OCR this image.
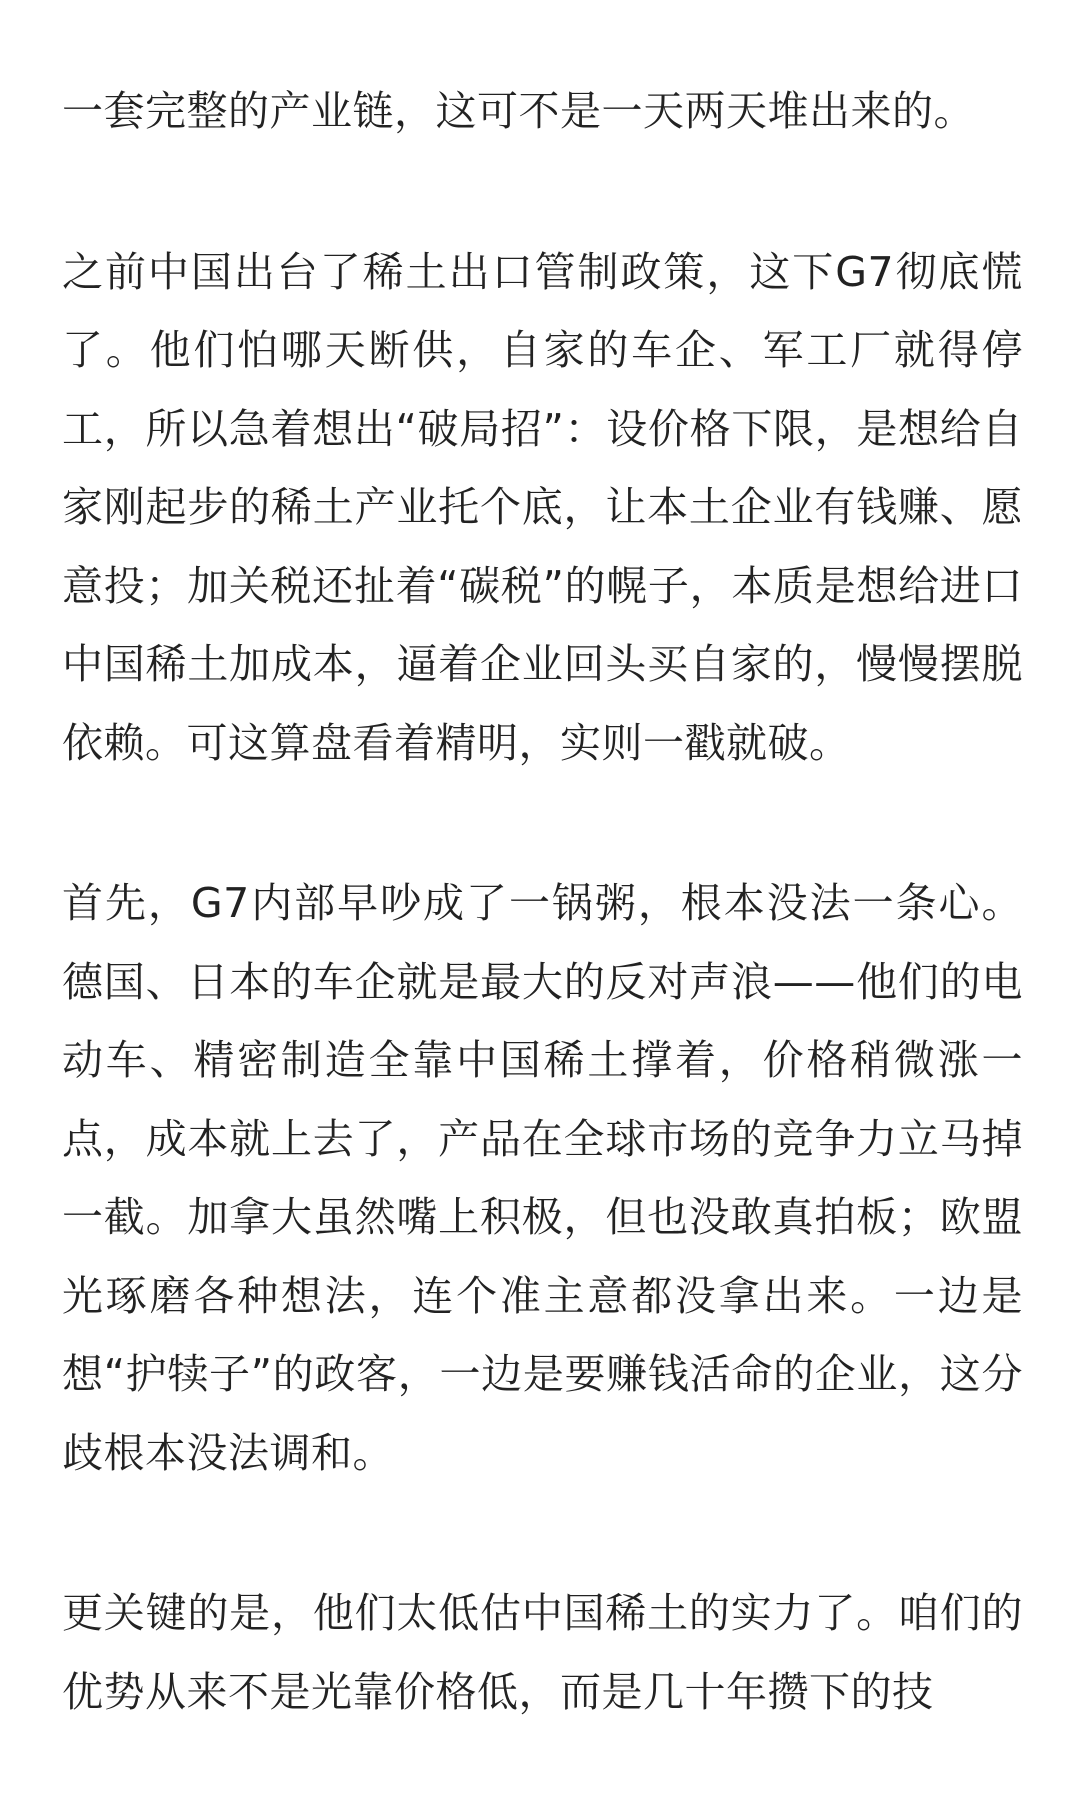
一套完整的产业链，这可不是一天两天堆出来的。

之前中国出台了稀土出口管制政策，这下G7彻底慌了。他们怕哪天断供，自家的车企、军工厂就得停工，所以急着想出“破局招”：设价格下限，是想给自家刚起步的稀土产业托个底，让本土企业有钱赚、愿意投；加关税还扯着“碳税”的幌子，本质是想给进口中国稀土加成本，逼着企业回头买自家的，慢慢摆脱依赖。可这算盘看着精明，实则一戳就破。

首先，G7内部早吵成了一锅粥，根本没法一条心。德国、日本的车企就是最大的反对声浪——他们的电动车、精密制造全靠中国稀土撑着，价格稍微涨一点，成本就上去了，产品在全球市场的竞争力立马掉一截。加拿大虽然嘴上积极，但也没敢真拍板；欧盟光琢磨各种想法，连个准主意都没拿出来。一边是想“护犊子”的政客，一边是要赚钱活命的企业，这分歧根本没法调和。

更关键的是，他们太低估中国稀土的实力了。咱们的优势从来不是光靠价格低，而是几十年攒下的技
